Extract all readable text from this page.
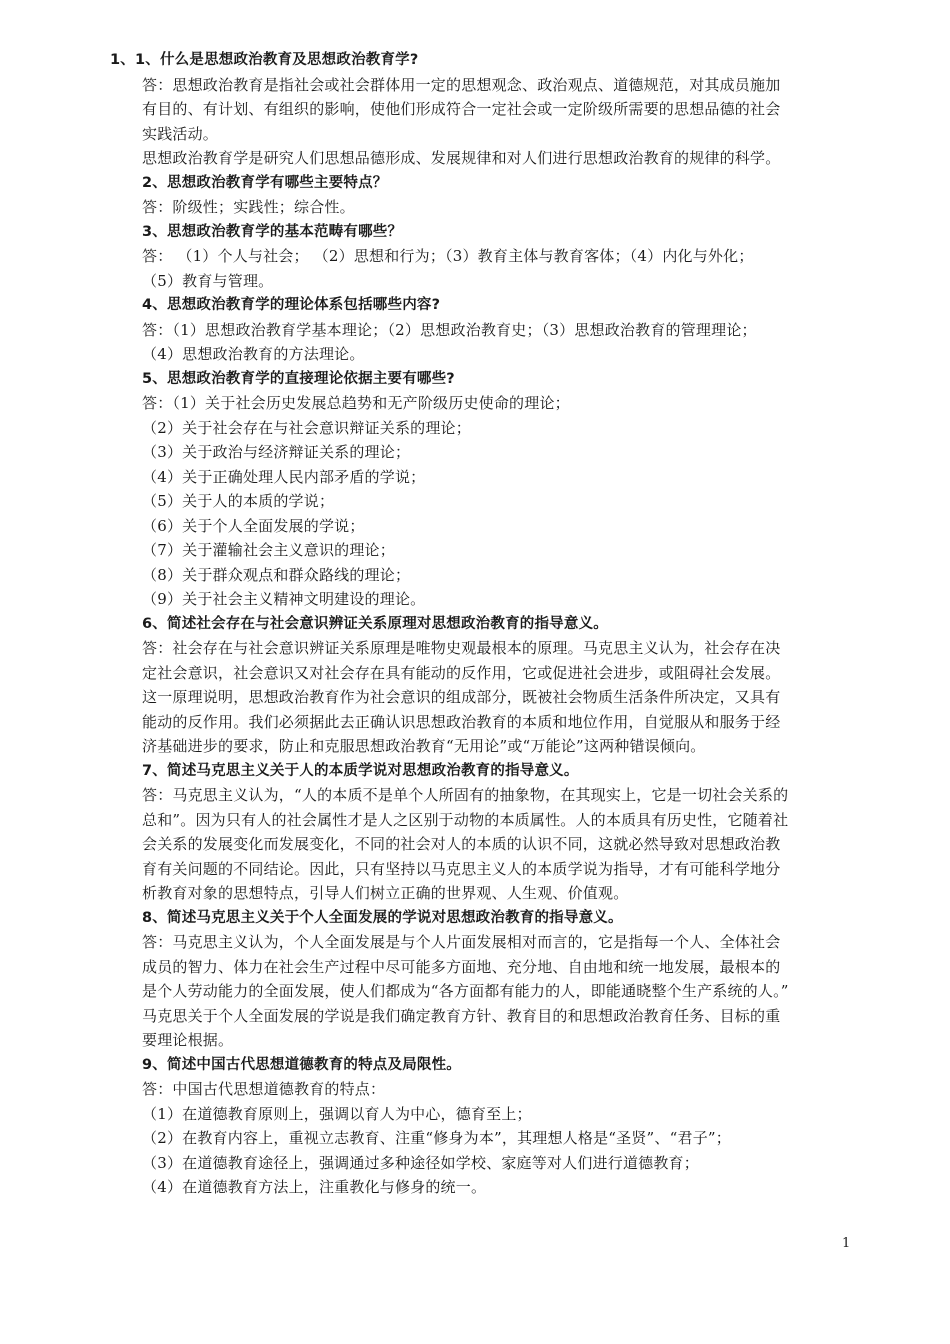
1、1、什么是思想政治教育及思想政治教育学?
答：思想政治教育是指社会或社会群体用一定的思想观念、政治观点、道德规范，对其成员施加
有目的、有计划、有组织的影响，使他们形成符合一定社会或一定阶级所需要的思想品德的社会
实践活动。
思想政治教育学是研究人们思想品德形成、发展规律和对人们进行思想政治教育的规律的科学。
2、思想政治教育学有哪些主要特点？
答：阶级性；实践性；综合性。
3、思想政治教育学的基本范畴有哪些？
答： （1）个人与社会； （2）思想和行为；（3）教育主体与教育客体；（4）内化与外化；
（5）教育与管理。
4、思想政治教育学的理论体系包括哪些内容?
答：（1）思想政治教育学基本理论；（2）思想政治教育史；（3）思想政治教育的管理理论；
（4）思想政治教育的方法理论。
5、思想政治教育学的直接理论依据主要有哪些?
答：（1）关于社会历史发展总趋势和无产阶级历史使命的理论；
（2）关于社会存在与社会意识辩证关系的理论；
（3）关于政治与经济辩证关系的理论；
（4）关于正确处理人民内部矛盾的学说；
（5）关于人的本质的学说；
（6）关于个人全面发展的学说；
（7）关于灌输社会主义意识的理论；
（8）关于群众观点和群众路线的理论；
（9）关于社会主义精神文明建设的理论。
6、简述社会存在与社会意识辨证关系原理对思想政治教育的指导意义。
答：社会存在与社会意识辨证关系原理是唯物史观最根本的原理。马克思主义认为，社会存在决
定社会意识，社会意识又对社会存在具有能动的反作用，它或促进社会进步，或阻碍社会发展。
这一原理说明，思想政治教育作为社会意识的组成部分，既被社会物质生活条件所决定，又具有
能动的反作用。我们必须据此去正确认识思想政治教育的本质和地位作用，自觉服从和服务于经
济基础进步的要求，防止和克服思想政治教育“无用论”或“万能论”这两种错误倾向。
7、简述马克思主义关于人的本质学说对思想政治教育的指导意义。
答：马克思主义认为，“人的本质不是单个人所固有的抽象物，在其现实上，它是一切社会关系的
总和”。因为只有人的社会属性才是人之区别于动物的本质属性。人的本质具有历史性，它随着社
会关系的发展变化而发展变化，不同的社会对人的本质的认识不同，这就必然导致对思想政治教
育有关问题的不同结论。因此，只有坚持以马克思主义人的本质学说为指导，才有可能科学地分
析教育对象的思想特点，引导人们树立正确的世界观、人生观、价值观。
8、简述马克思主义关于个人全面发展的学说对思想政治教育的指导意义。
答：马克思主义认为，个人全面发展是与个人片面发展相对而言的，它是指每一个人、全体社会
成员的智力、体力在社会生产过程中尽可能多方面地、充分地、自由地和统一地发展，最根本的
是个人劳动能力的全面发展，使人们都成为“各方面都有能力的人，即能通晓整个生产系统的人。”
马克思关于个人全面发展的学说是我们确定教育方针、教育目的和思想政治教育任务、目标的重
要理论根据。
9、简述中国古代思想道德教育的特点及局限性。
答：中国古代思想道德教育的特点：
（1）在道德教育原则上，强调以育人为中心，德育至上；
（2）在教育内容上，重视立志教育、注重“修身为本”，其理想人格是“圣贤”、“君子”；
（3）在道德教育途径上，强调通过多种途径如学校、家庭等对人们进行道德教育；
（4）在道德教育方法上，注重教化与修身的统一。
1
